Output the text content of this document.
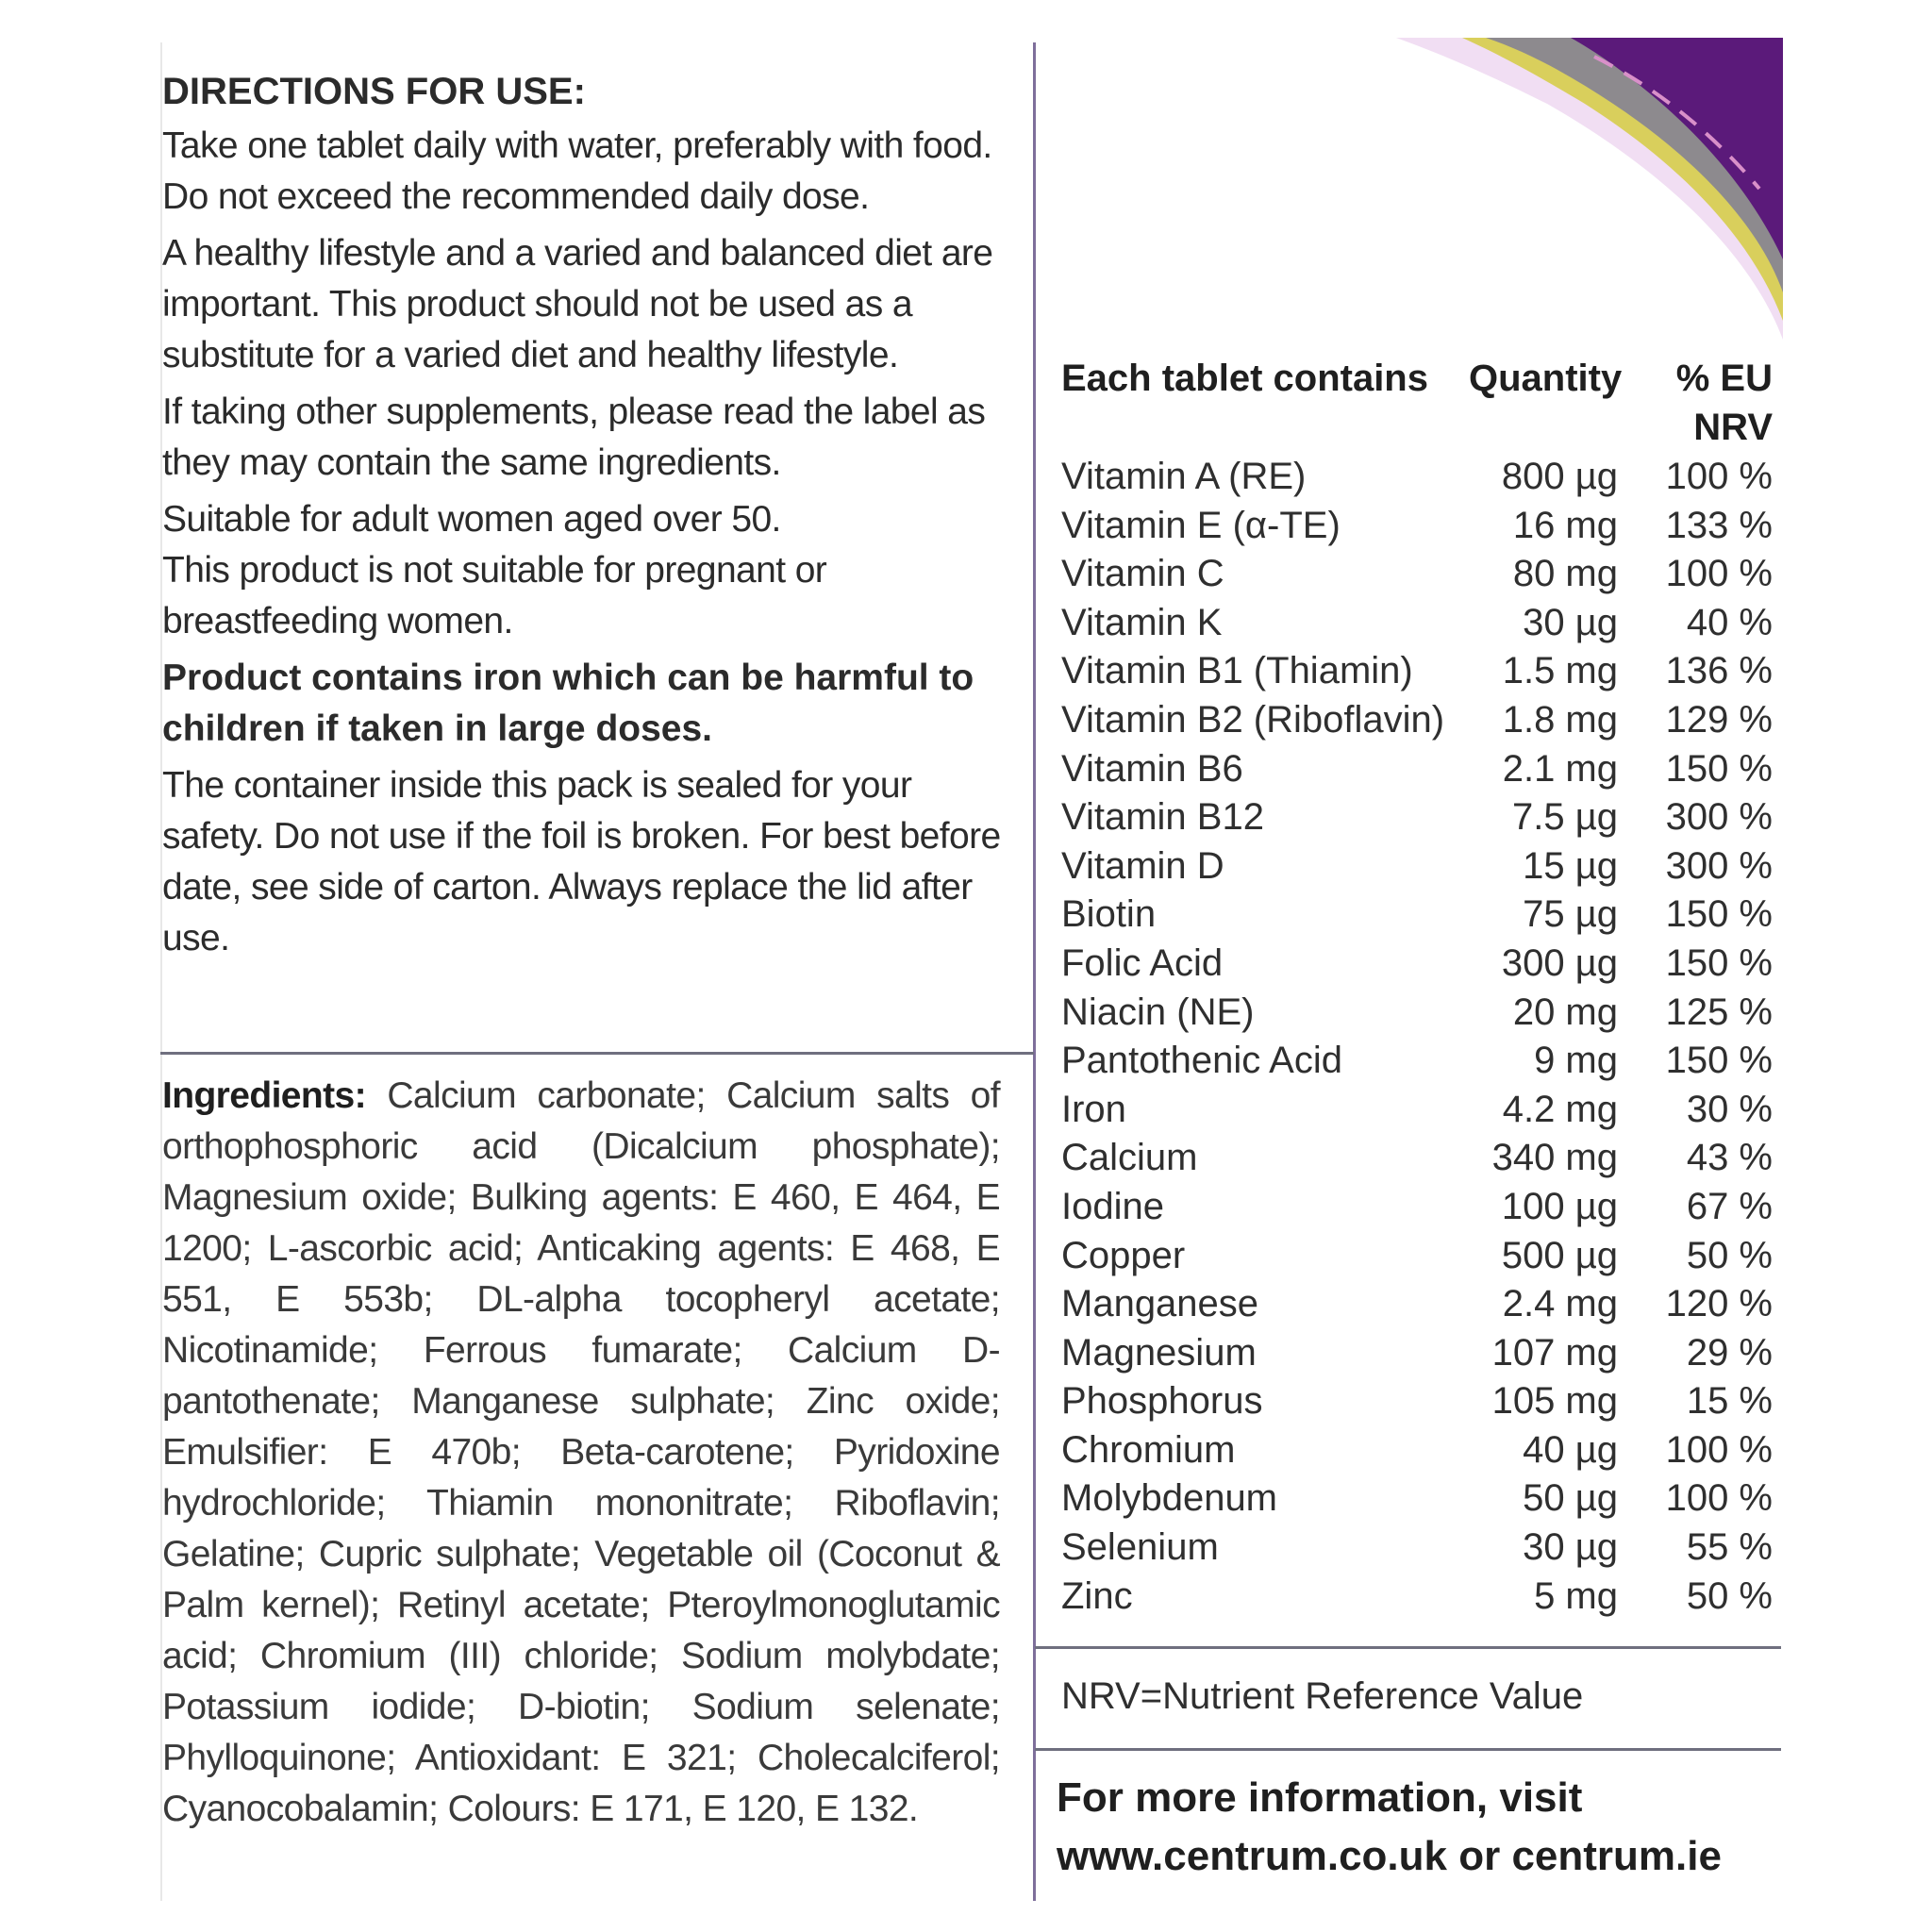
DIRECTIONS FOR USE:

Take one tablet daily with water, preferably with food. Do not exceed the recommended daily dose.

A healthy lifestyle and a varied and balanced diet are important. This product should not be used as a substitute for a varied diet and healthy lifestyle.

If taking other supplements, please read the label as they may contain the same ingredients.

Suitable for adult women aged over 50.

This product is not suitable for pregnant or breastfeeding women.

Product contains iron which can be harmful to children if taken in large doses.

The container inside this pack is sealed for your safety. Do not use if the foil is broken. For best before date, see side of carton. Always replace the lid after use.

Ingredients: Calcium carbonate; Calcium salts of orthophosphoric acid (Dicalcium phosphate); Magnesium oxide; Bulking agents: E 460, E 464, E 1200; L-ascorbic acid; Anticaking agents: E 468, E 551, E 553b; DL-alpha tocopheryl acetate; Nicotinamide; Ferrous fumarate; Calcium D-pantothenate; Manganese sulphate; Zinc oxide; Emulsifier: E 470b; Beta-carotene; Pyridoxine hydrochloride; Thiamin mononitrate; Riboflavin; Gelatine; Cupric sulphate; Vegetable oil (Coconut & Palm kernel); Retinyl acetate; Pteroylmonoglutamic acid; Chromium (III) chloride; Sodium molybdate; Potassium iodide; D-biotin; Sodium selenate; Phylloquinone; Antioxidant: E 321; Cholecalciferol; Cyanocobalamin; Colours: E 171, E 120, E 132.
Each tablet contains Quantity	% EU
NRV
Vitamin A (RE)	800 µg 100 %
Vitamin E (α-TE)	16 mg 133 %
Vitamin C	80 mg 100 %
Vitamin K	30 µg 40 %
Vitamin B1 (Thiamin) 1.5 mg 136 %
Vitamin B2 (Riboflavin) 1.8 mg 129 %
Vitamin B6	2.1 mg 150 %
Vitamin B12	7.5 µg 300 %
Vitamin D	15 µg 300 %
Biotin	75 µg 150 %
Folic Acid	300 µg 150 %
Niacin (NE)	20 mg 125 %
Pantothenic Acid	9 mg 150 %
Iron	4.2 mg 30 %
Calcium	340 mg 43 %
Iodine	100 µg 67 %
Copper	500 µg 50 %
Manganese	2.4 mg 120 %
Magnesium	107 mg 29 %
Phosphorus	105 mg 15 %
Chromium	40 µg 100 %
Molybdenum	50 µg 100 %
Selenium	30 µg 55 %
Zinc	5 mg 50 %
NRV=Nutrient Reference Value
For more information, visit
www.centrum.co.uk or centrum.ie
